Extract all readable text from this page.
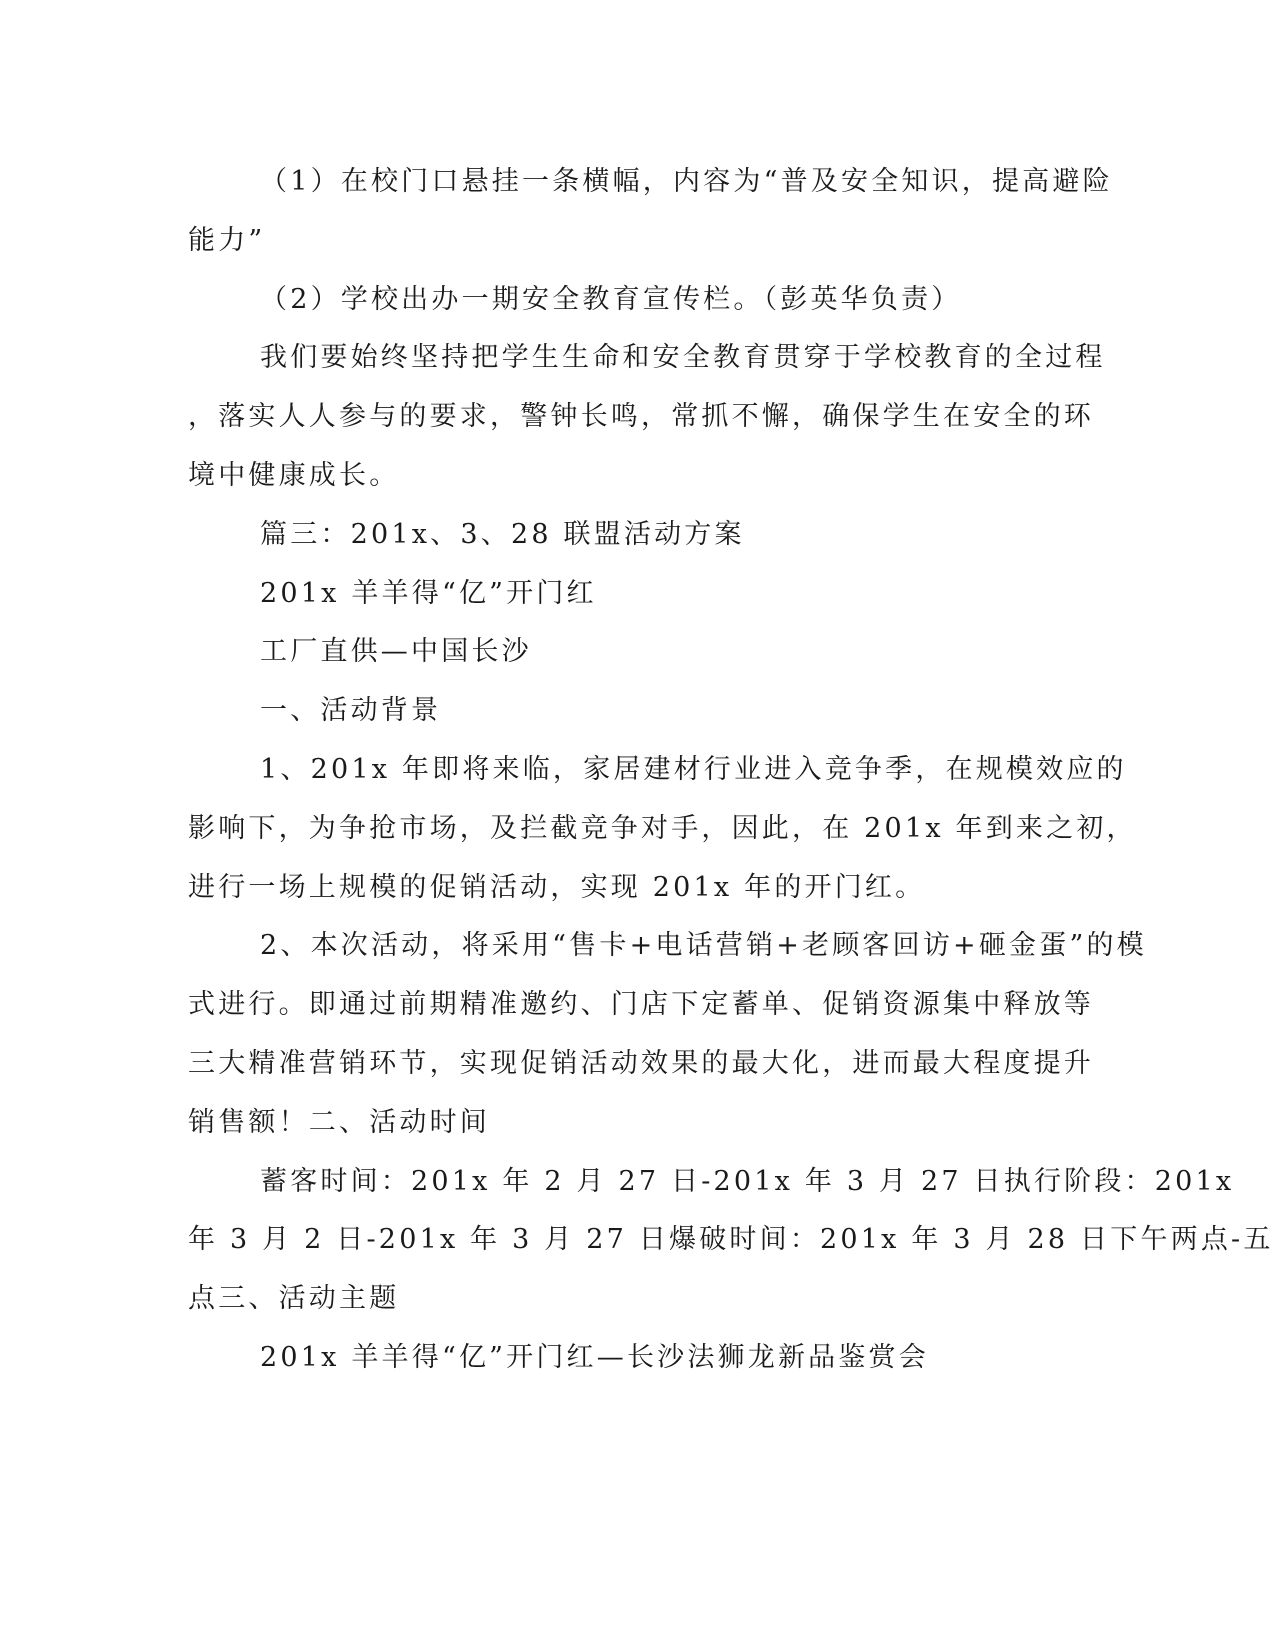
（1）在校门口悬挂一条横幅，内容为“普及安全知识，提高避险
能力”
（2）学校出办一期安全教育宣传栏。（彭英华负责）
我们要始终坚持把学生生命和安全教育贯穿于学校教育的全过程
，落实人人参与的要求，警钟长鸣，常抓不懈，确保学生在安全的环
境中健康成长。
篇三：201x、3、28 联盟活动方案
201x 羊羊得“亿”开门红
工厂直供—中国长沙
一、活动背景
1、201x 年即将来临，家居建材行业进入竞争季，在规模效应的
影响下，为争抢市场，及拦截竞争对手，因此，在 201x 年到来之初，
进行一场上规模的促销活动，实现 201x 年的开门红。
2、本次活动，将采用“售卡+电话营销+老顾客回访+砸金蛋”的模
式进行。即通过前期精准邀约、门店下定蓄单、促销资源集中释放等
三大精准营销环节，实现促销活动效果的最大化，进而最大程度提升
销售额！二、活动时间
蓄客时间：201x 年 2 月 27 日-201x 年 3 月 27 日执行阶段：201x
年 3 月 2 日-201x 年 3 月 27 日爆破时间：201x 年 3 月 28 日下午两点-五
点三、活动主题
201x 羊羊得“亿”开门红—长沙法狮龙新品鉴赏会
